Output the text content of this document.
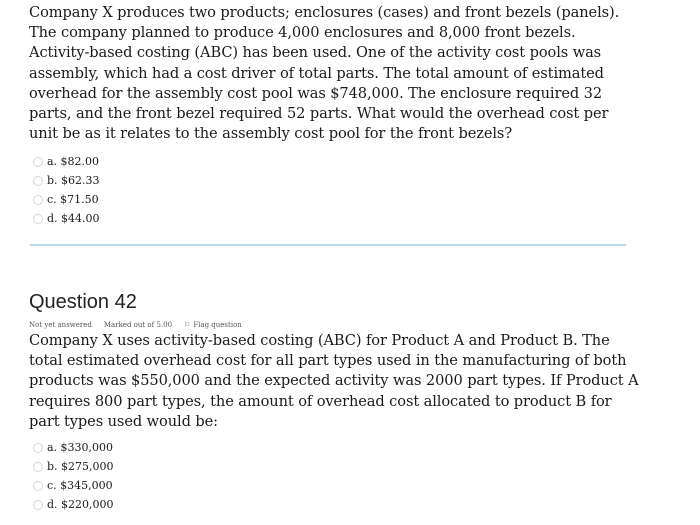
Company X produces two products; enclosures (cases) and front bezels (panels). The company planned to produce 4,000 enclosures and 8,000 front bezels. Activity-based costing (ABC) has been used. One of the activity cost pools was assembly, which had a cost driver of total parts. The total amount of estimated overhead for the assembly cost pool was $748,000. The enclosure required 32 parts, and the front bezel required 52 parts. What would the overhead cost per unit be as it relates to the assembly cost pool for the front bezels?
a. $82.00
b. $62.33
c. $71.50
d. $44.00
Question 42
Not yet answered Marked out of 5.00 ⚐ Flag question
Company X uses activity-based costing (ABC) for Product A and Product B. The total estimated overhead cost for all part types used in the manufacturing of both products was $550,000 and the expected activity was 2000 part types. If Product A requires 800 part types, the amount of overhead cost allocated to product B for part types used would be:
a. $330,000
b. $275,000
c. $345,000
d. $220,000
